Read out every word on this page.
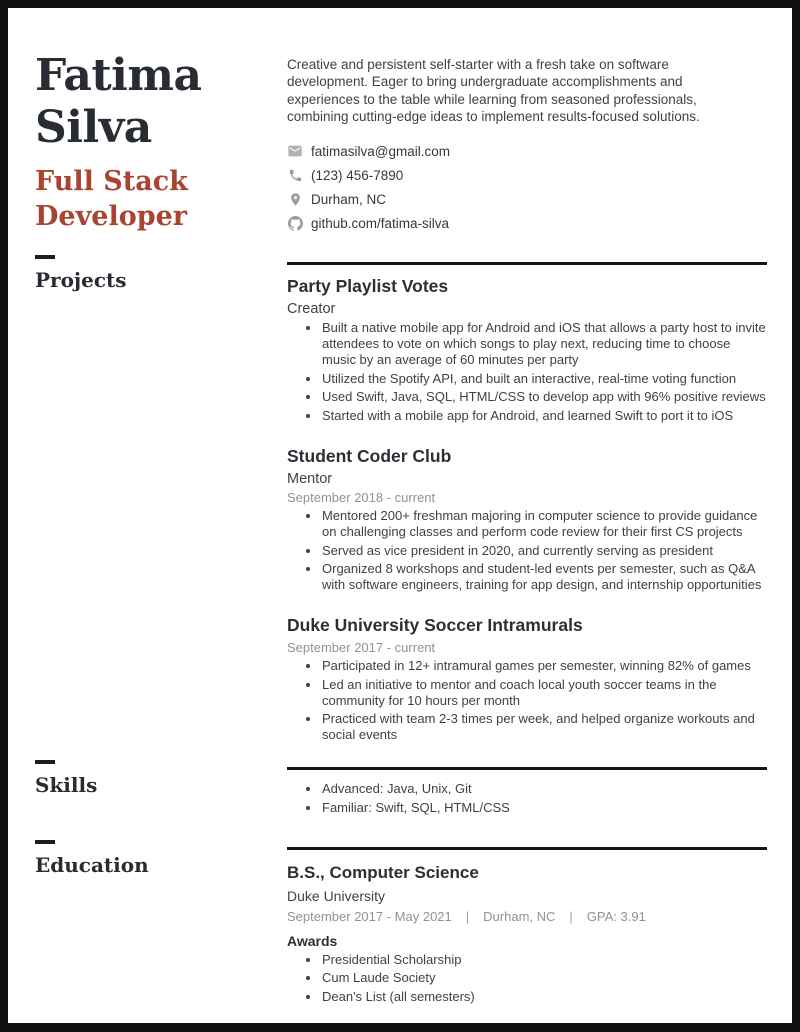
Fatima Silva
Full Stack Developer

Creative and persistent self-starter with a fresh take on software development. Eager to bring undergraduate accomplishments and experiences to the table while learning from seasoned professionals, combining cutting-edge ideas to implement results-focused solutions.

fatimasilva@gmail.com
(123) 456-7890
Durham, NC
github.com/fatima-silva
Projects	Party Playlist Votes
Creator
• Built a native mobile app for Android and iOS that allows a party host to invite attendees to vote on which songs to play next, reducing time to choose music by an average of 60 minutes per party
• Utilized the Spotify API, and built an interactive, real-time voting function
• Used Swift, Java, SQL, HTML/CSS to develop app with 96% positive reviews
• Started with a mobile app for Android, and learned Swift to port it to iOS
Student Coder Club
Mentor
September 2018 - current
• Mentored 200+ freshman majoring in computer science to provide guidance on challenging classes and perform code review for their first CS projects
• Served as vice president in 2020, and currently serving as president
• Organized 8 workshops and student-led events per semester, such as Q&A with software engineers, training for app design, and internship opportunities
Duke University Soccer Intramurals
September 2017 - current
• Participated in 12+ intramural games per semester, winning 82% of games
• Led an initiative to mentor and coach local youth soccer teams in the community for 10 hours per month
• Practiced with team 2-3 times per week, and helped organize workouts and social events
Skills	• Advanced: Java, Unix, Git
• Familiar: Swift, SQL, HTML/CSS
Education	B.S., Computer Science
Duke University
September 2017 - May 2021 | Durham, NC | GPA: 3.91
Awards
• Presidential Scholarship
• Cum Laude Society
• Dean's List (all semesters)
